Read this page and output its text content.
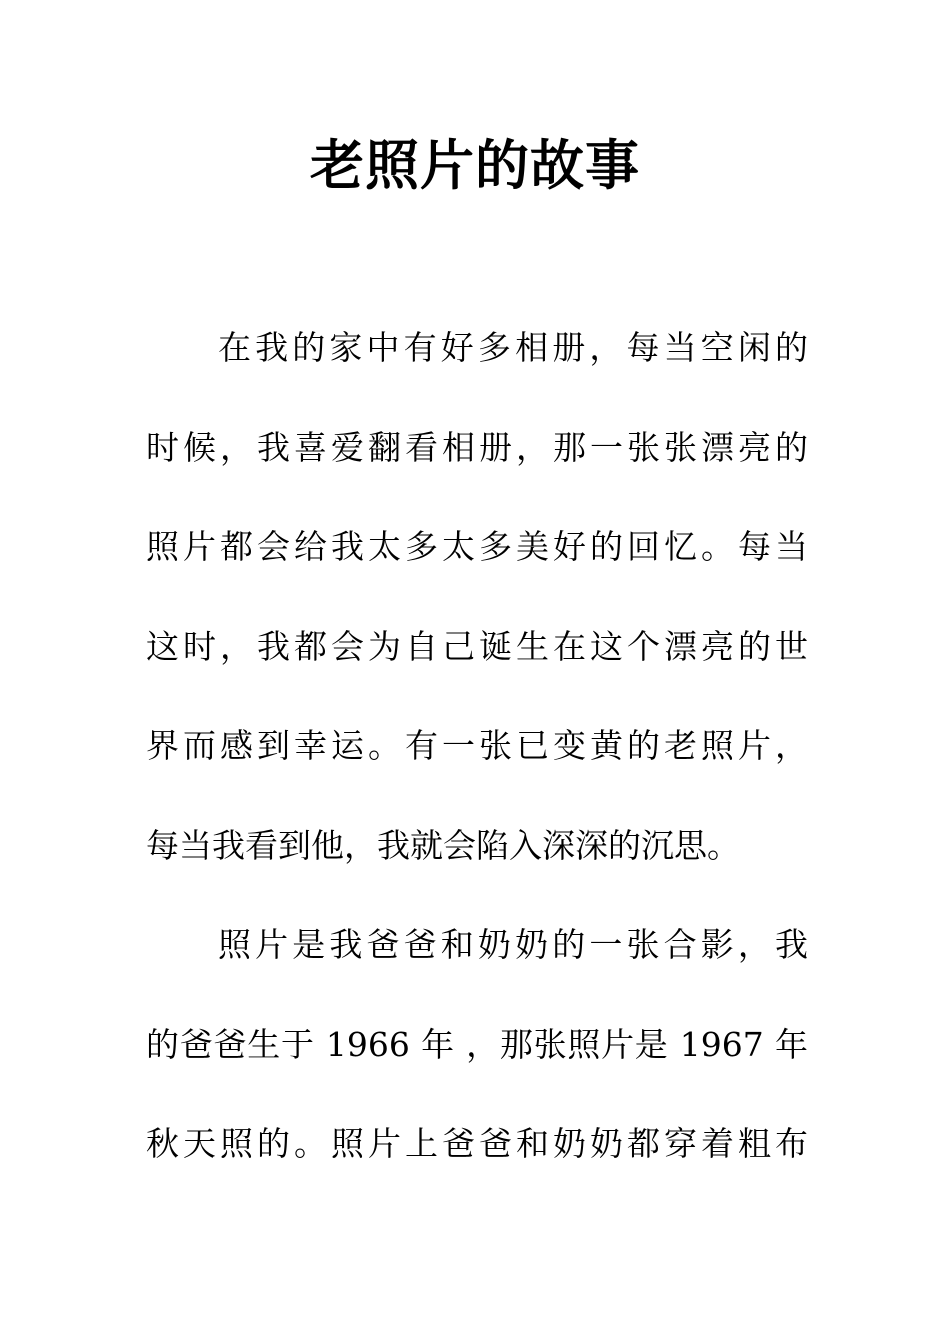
老照片的故事
在我的家中有好多相册，每当空闲的
时候，我喜爱翻看相册，那一张张漂亮的
照片都会给我太多太多美好的回忆。每当
这时，我都会为自己诞生在这个漂亮的世
界而感到幸运。有一张已变黄的老照片，
每当我看到他，我就会陷入深深的沉思。
照片是我爸爸和奶奶的一张合影，我
的爸爸生于 1966 年 ，那张照片是 1967 年
秋天照的。照片上爸爸和奶奶都穿着粗布
